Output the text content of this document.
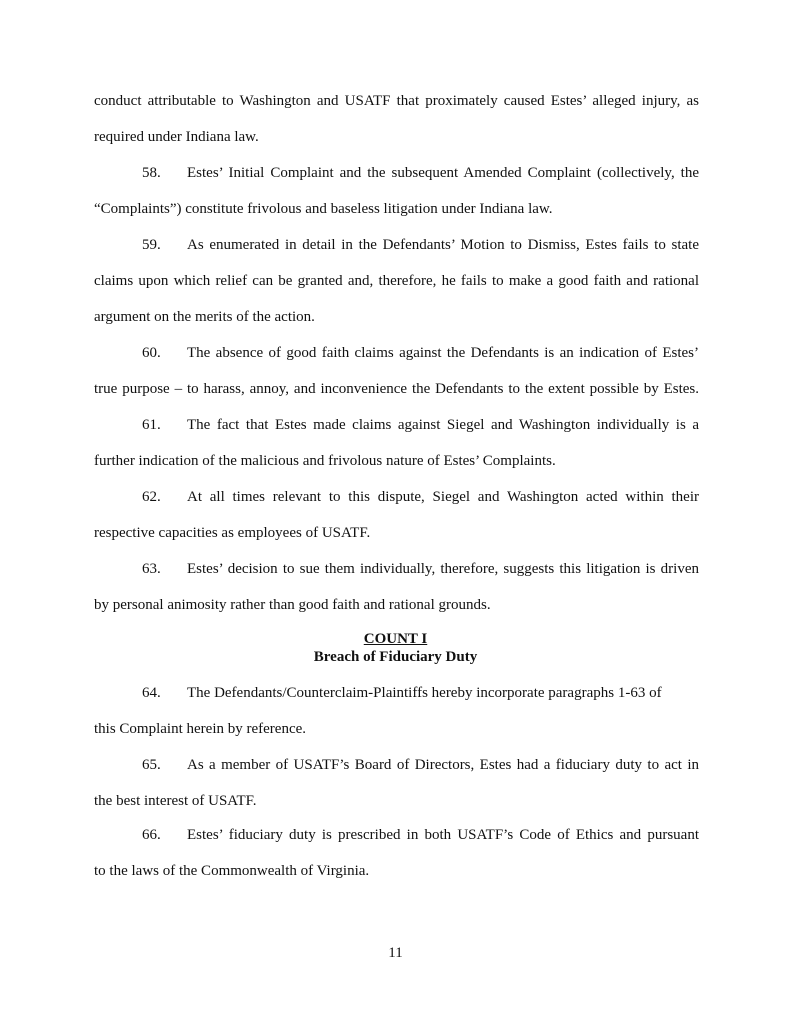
conduct attributable to Washington and USATF that proximately caused Estes’ alleged injury, as
required under Indiana law.
58. Estes’ Initial Complaint and the subsequent Amended Complaint (collectively, the
“Complaints”) constitute frivolous and baseless litigation under Indiana law.
59. As enumerated in detail in the Defendants’ Motion to Dismiss, Estes fails to state
claims upon which relief can be granted and, therefore, he fails to make a good faith and rational
argument on the merits of the action.
60. The absence of good faith claims against the Defendants is an indication of Estes’
true purpose – to harass, annoy, and inconvenience the Defendants to the extent possible by Estes.
61. The fact that Estes made claims against Siegel and Washington individually is a
further indication of the malicious and frivolous nature of Estes’ Complaints.
62. At all times relevant to this dispute, Siegel and Washington acted within their
respective capacities as employees of USATF.
63. Estes’ decision to sue them individually, therefore, suggests this litigation is driven
by personal animosity rather than good faith and rational grounds.
COUNT I
Breach of Fiduciary Duty
64. The Defendants/Counterclaim-Plaintiffs hereby incorporate paragraphs 1-63 of
this Complaint herein by reference.
65. As a member of USATF’s Board of Directors, Estes had a fiduciary duty to act in
the best interest of USATF.
66. Estes’ fiduciary duty is prescribed in both USATF’s Code of Ethics and pursuant
to the laws of the Commonwealth of Virginia.
11
